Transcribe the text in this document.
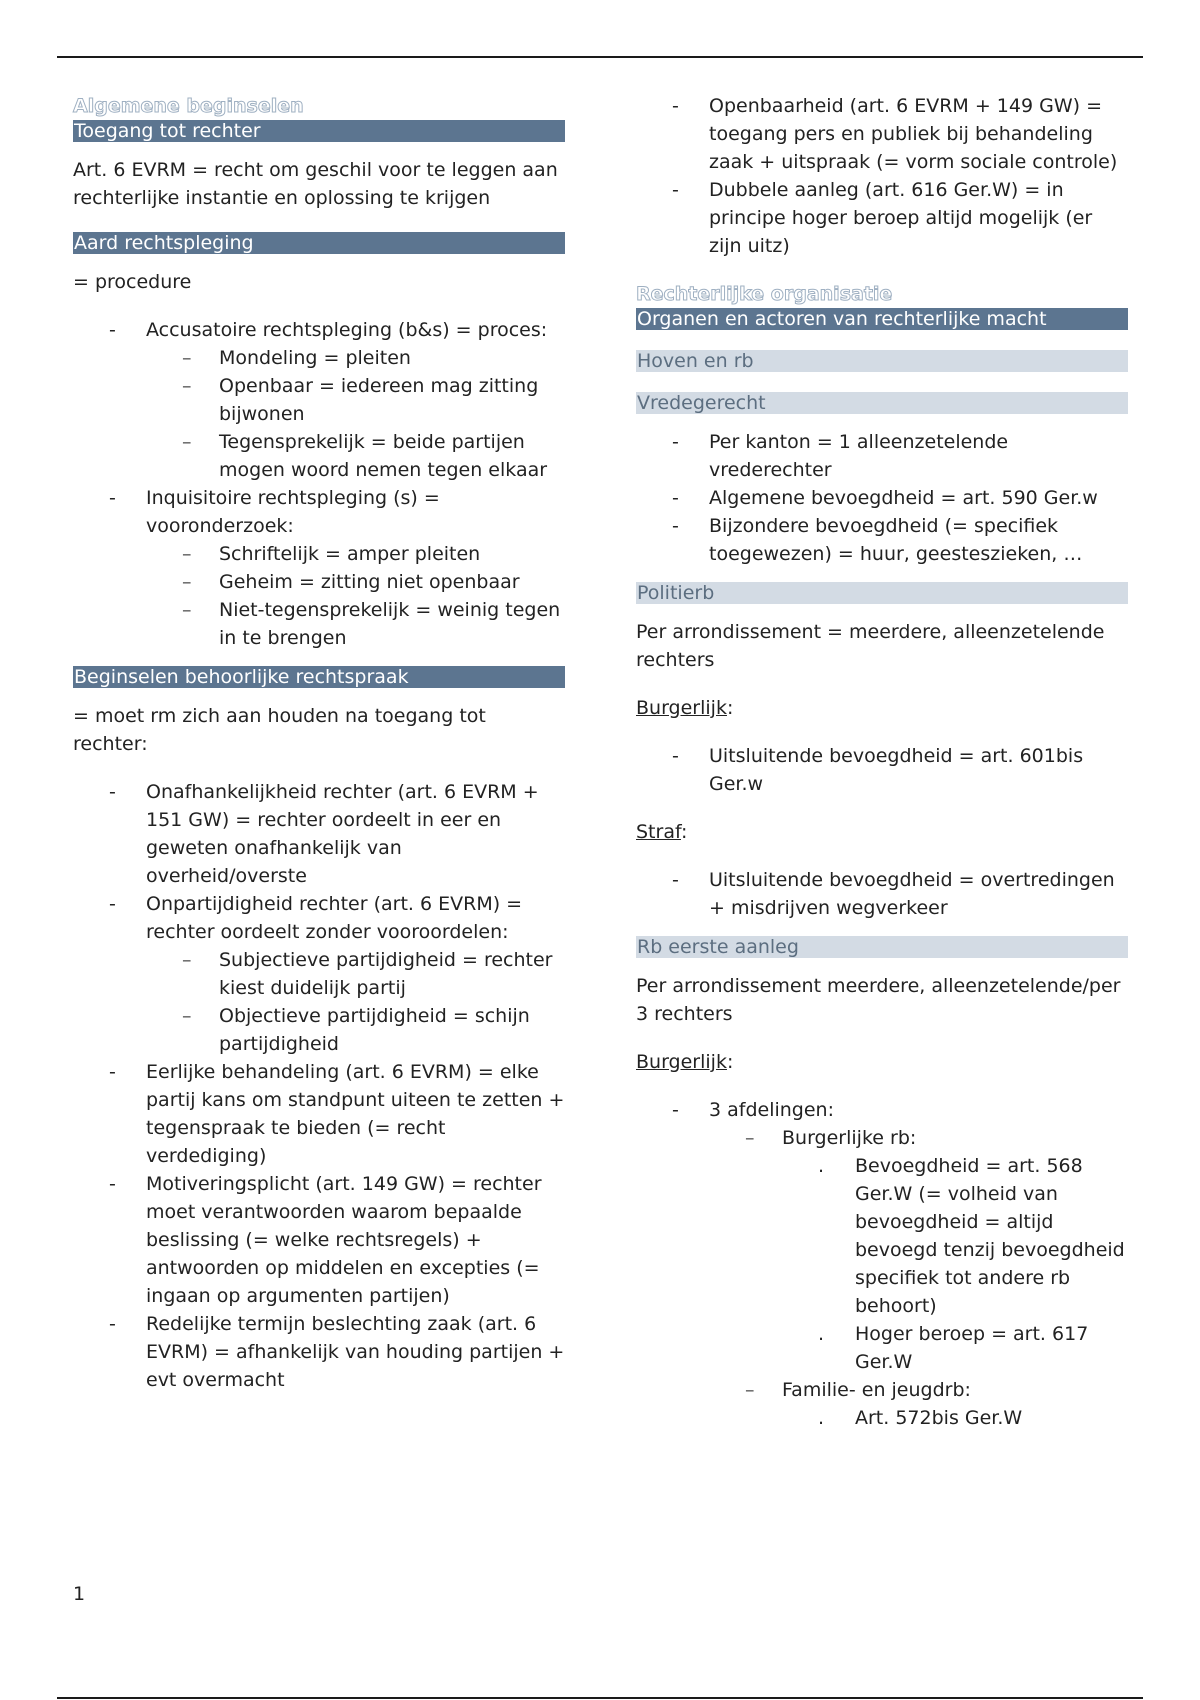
Algemene beginselen

Toegang tot rechter

Art. 6 EVRM = recht om geschil voor te leggen aan rechterlijke instantie en oplossing te krijgen

Aard rechtspleging

= procedure

- Accusatoire rechtspleging (b&s) = proces:
– Mondeling = pleiten
– Openbaar = iedereen mag zitting bijwonen
– Tegensprekelijk = beide partijen mogen woord nemen tegen elkaar
- Inquisitoire rechtspleging (s) = vooronderzoek:
– Schriftelijk = amper pleiten
– Geheim = zitting niet openbaar
– Niet-tegensprekelijk = weinig tegen in te brengen

Beginselen behoorlijke rechtspraak

= moet rm zich aan houden na toegang tot rechter:

- Onafhankelijkheid rechter (art. 6 EVRM + 151 GW) = rechter oordeelt in eer en geweten onafhankelijk van overheid/overste
- Onpartijdigheid rechter (art. 6 EVRM) = rechter oordeelt zonder vooroordelen:
– Subjectieve partijdigheid = rechter kiest duidelijk partij
– Objectieve partijdigheid = schijn partijdigheid
- Eerlijke behandeling (art. 6 EVRM) = elke partij kans om standpunt uiteen te zetten + tegenspraak te bieden (= recht verdediging)
- Motiveringsplicht (art. 149 GW) = rechter moet verantwoorden waarom bepaalde beslissing (= welke rechtsregels) + antwoorden op middelen en excepties (= ingaan op argumenten partijen)
- Redelijke termijn beslechting zaak (art. 6 EVRM) = afhankelijk van houding partijen + evt overmacht
- Openbaarheid (art. 6 EVRM + 149 GW) = toegang pers en publiek bij behandeling zaak + uitspraak (= vorm sociale controle)
- Dubbele aanleg (art. 616 Ger.W) = in principe hoger beroep altijd mogelijk (er zijn uitz)

Rechterlijke organisatie

Organen en actoren van rechterlijke macht

Hoven en rb

Vredegerecht

- Per kanton = 1 alleenzetelende vrederechter
- Algemene bevoegdheid = art. 590 Ger.w
- Bijzondere bevoegdheid (= specifiek toegewezen) = huur, geesteszieken, …

Politierb

Per arrondissement = meerdere, alleenzetelende rechters

Burgerlijk:

- Uitsluitende bevoegdheid = art. 601bis Ger.w

Straf:

- Uitsluitende bevoegdheid = overtredingen + misdrijven wegverkeer

Rb eerste aanleg

Per arrondissement meerdere, alleenzetelende/per 3 rechters

Burgerlijk:

- 3 afdelingen:
– Burgerlijke rb:
. Bevoegdheid = art. 568 Ger.W (= volheid van bevoegdheid = altijd bevoegd tenzij bevoegdheid specifiek tot andere rb behoort)
. Hoger beroep = art. 617 Ger.W
– Familie- en jeugdrb:
. Art. 572bis Ger.W
1
